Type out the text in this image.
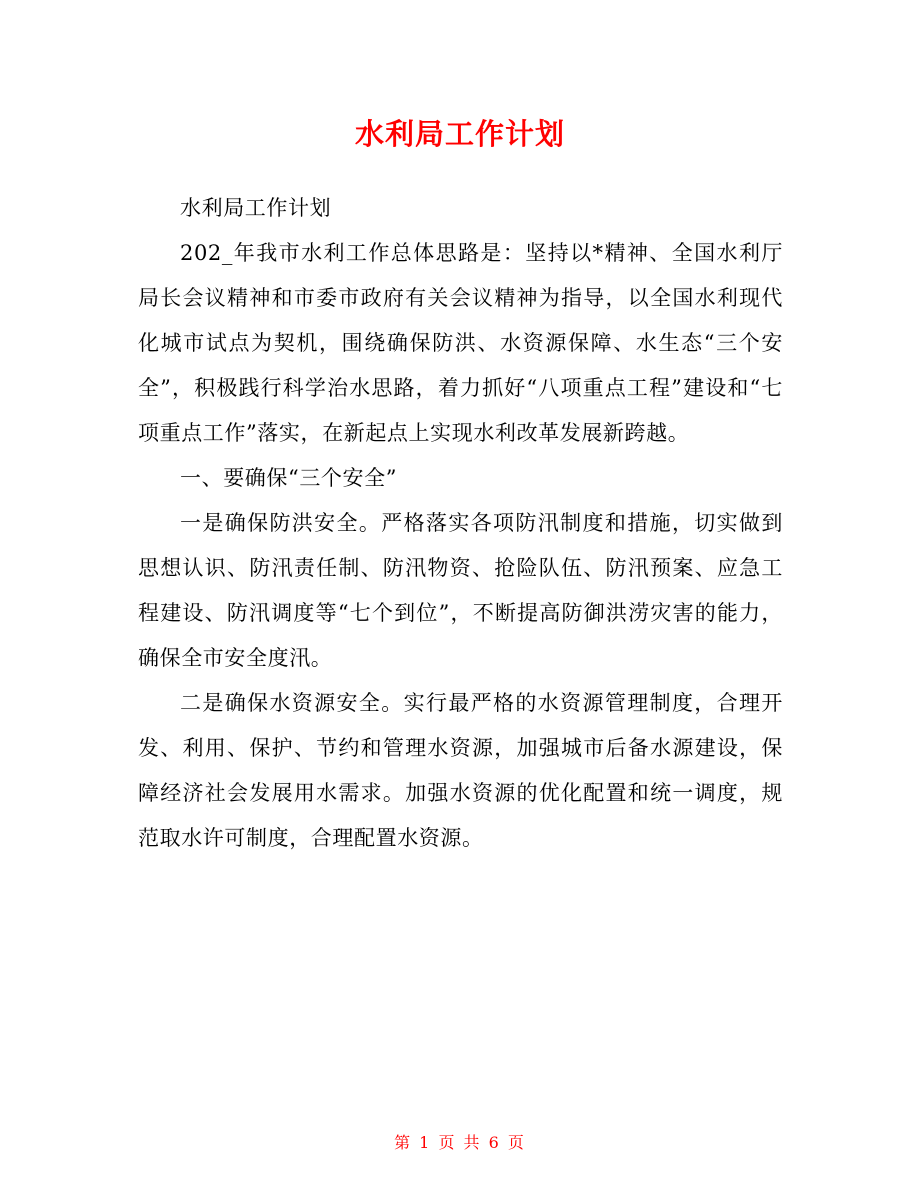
水利局工作计划

水利局工作计划

202_年我市水利工作总体思路是：坚持以*精神、全国水利厅局长会议精神和市委市政府有关会议精神为指导，以全国水利现代化城市试点为契机，围绕确保防洪、水资源保障、水生态“三个安全”，积极践行科学治水思路，着力抓好“八项重点工程”建设和“七项重点工作”落实，在新起点上实现水利改革发展新跨越。

一、要确保“三个安全”

一是确保防洪安全。严格落实各项防汛制度和措施，切实做到思想认识、防汛责任制、防汛物资、抢险队伍、防汛预案、应急工程建设、防汛调度等“七个到位”，不断提高防御洪涝灾害的能力，确保全市安全度汛。

二是确保水资源安全。实行最严格的水资源管理制度，合理开发、利用、保护、节约和管理水资源，加强城市后备水源建设，保障经济社会发展用水需求。加强水资源的优化配置和统一调度，规范取水许可制度，合理配置水资源。

第 1 页 共 6 页
